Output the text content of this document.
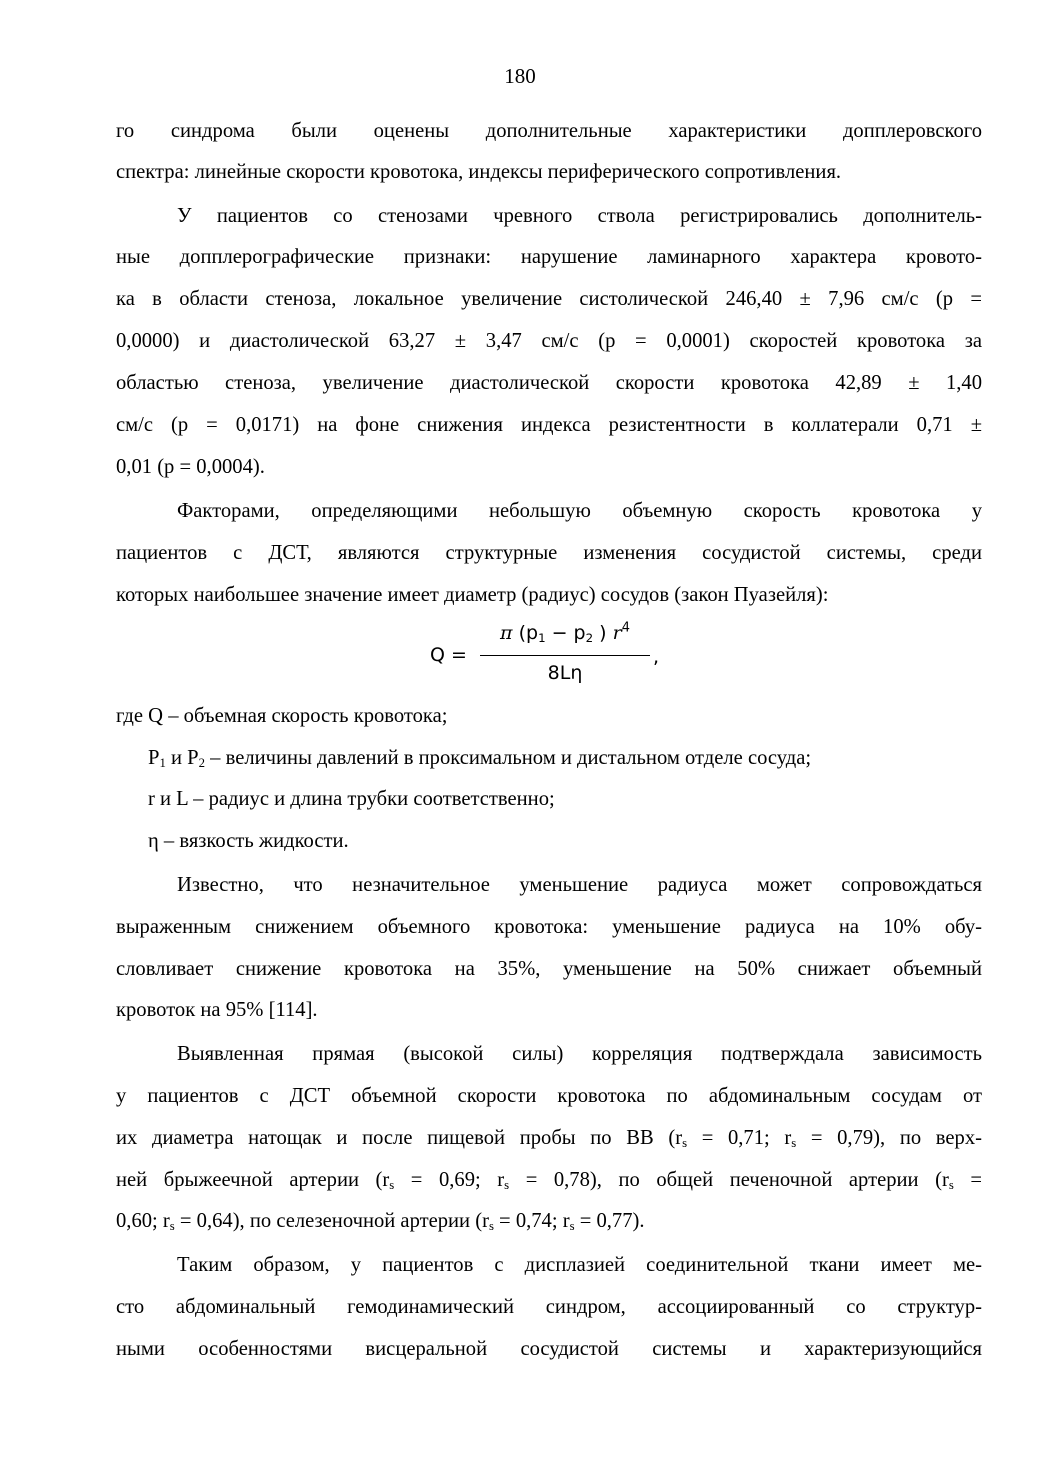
180
го синдрома были оценены дополнительные характеристики допплеровского
спектра: линейные скорости кровотока, индексы периферического сопротивления.
У пациентов со стенозами чревного ствола регистрировались дополнитель-
ные допплерографические признаки: нарушение ламинарного характера кровото-
ка в области стеноза, локальное увеличение систолической 246,40 ± 7,96 см/с (p =
0,0000) и диастолической 63,27 ± 3,47 см/с (p = 0,0001) скоростей кровотока за
областью стеноза, увеличение диастолической скорости кровотока 42,89 ± 1,40
см/с (p = 0,0171) на фоне снижения индекса резистентности в коллатерали 0,71 ±
0,01 (p = 0,0004).
Факторами, определяющими небольшую объемную скорость кровотока у
пациентов с ДСТ, являются структурные изменения сосудистой системы, среди
которых наибольшее значение имеет диаметр (радиус) сосудов (закон Пуазейля):
Q =
π ($p_1 - p_2$ ) $r^4$
8Lη
,
где Q – объемная скорость кровотока;
$P_1$ и $P_2$ – величины давлений в проксимальном и дистальном отделе сосуда;
r и L – радиус и длина трубки соответственно;
η – вязкость жидкости.
Известно, что незначительное уменьшение радиуса может сопровождаться
выраженным снижением объемного кровотока: уменьшение радиуса на 10% обу-
словливает снижение кровотока на 35%, уменьшение на 50% снижает объемный
кровоток на 95% [114].
Выявленная прямая (высокой силы) корреляция подтверждала зависимость
у пациентов с ДСТ объемной скорости кровотока по абдоминальным сосудам от
их диаметра натощак и после пищевой пробы по ВВ ($r_s = 0,71$; $r_s = 0,79$), по верх-
ней брыжеечной артерии ($r_s = 0,69$; $r_s = 0,78$), по общей печеночной артерии ($r_s$ =
0,60; $r_s = 0,64$), по селезеночной артерии ($r_s = 0,74$; $r_s = 0,77$).
Таким образом, у пациентов с дисплазией соединительной ткани имеет ме-
сто абдоминальный гемодинамический синдром, ассоциированный со структур-
ными особенностями висцеральной сосудистой системы и характеризующийся
